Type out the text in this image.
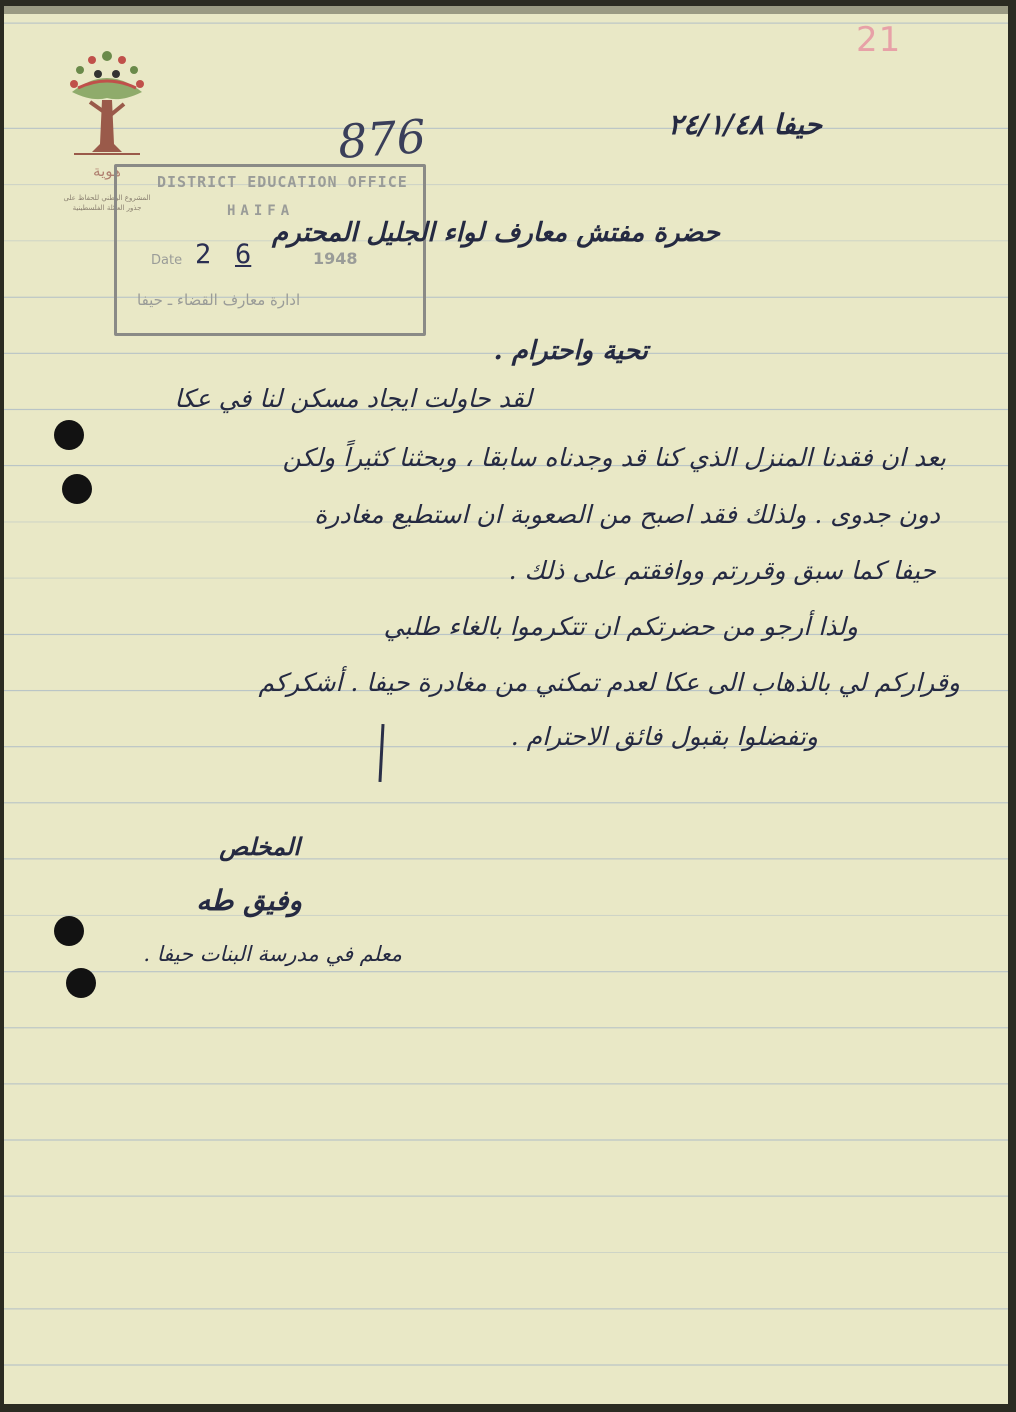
21
هوية
المشروع الوطني للحفاظ على
جذور العائلة الفلسطينية
DISTRICT EDUCATION OFFICE
HAIFA
Date	1948
2 6
ادارة معارف القضاء ـ حيفا
876	حيفا ٢٤/١/٤٨
حضرة مفتش معارف لواء الجليل المحترم
تحية واحترام .
لقد حاولت ايجاد مسكن لنا في عكا
بعد ان فقدنا المنزل الذي كنا قد وجدناه سابقا ، وبحثنا كثيراً ولكن
دون جدوى . ولذلك فقد اصبح من الصعوبة ان استطيع مغادرة
حيفا كما سبق وقررتم ووافقتم على ذلك .
ولذا أرجو من حضرتكم ان تتكرموا بالغاء طلبي
وقراركم لي بالذهاب الى عكا لعدم تمكني من مغادرة حيفا . أشكركم
وتفضلوا بقبول فائق الاحترام .
المخلص
وفيق طه
معلم في مدرسة البنات حيفا .
